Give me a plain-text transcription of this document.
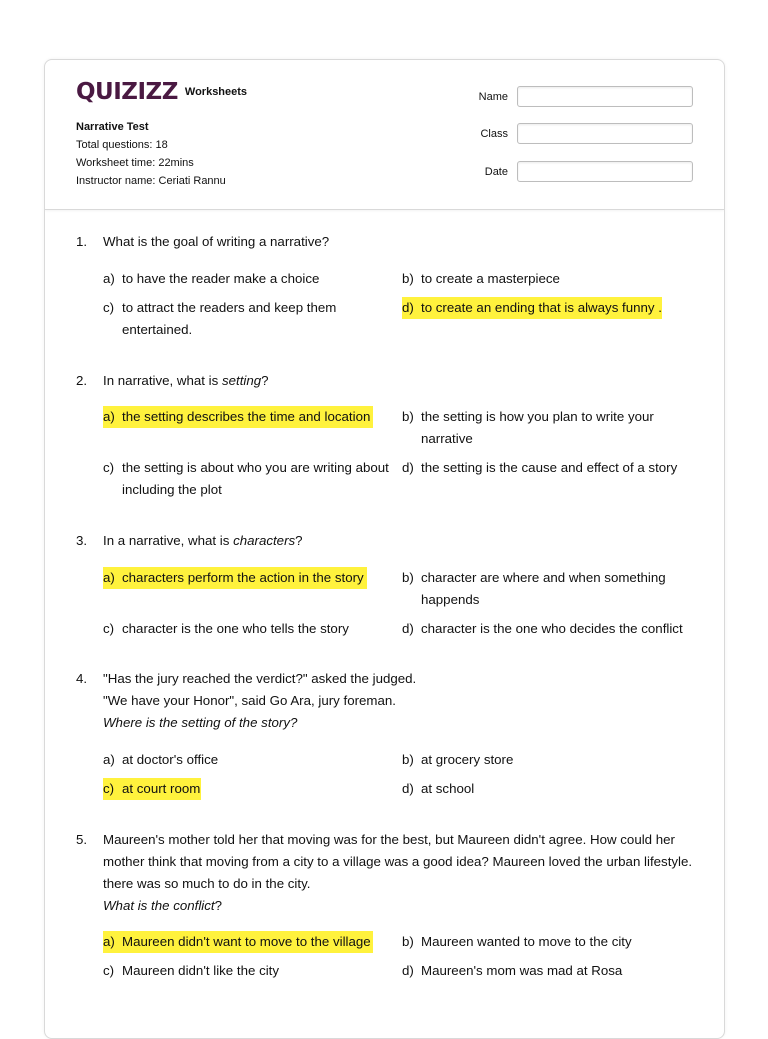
QUIZIZZ Worksheets
Narrative Test
Total questions: 18
Worksheet time: 22mins
Instructor name: Ceriati Rannu
Name
Class
Date
1.	What is the goal of writing a narrative?
a) to have the reader make a choice	b) to create a masterpiece
c) to attract the readers and keep them entertained.
d) to create an ending that is always funny .
2.	In narrative, what is setting?
a) the setting describes the time and location b) the setting is how you plan to write your narrative
c) the setting is about who you are writing about including the plot
d) the setting is the cause and effect of a story
3.	In a narrative, what is characters?
a) characters perform the action in the story	b) character are where and when something happends
c) character is the one who tells the story	d) character is the one who decides the conflict
4.	"Has the jury reached the verdict?" asked the judged.
"We have your Honor", said Go Ara, jury foreman.
Where is the setting of the story?
a) at doctor's office	b) at grocery store
c) at court room	d) at school
5.	Maureen's mother told her that moving was for the best, but Maureen didn't agree. How could her
mother think that moving from a city to a village was a good idea? Maureen loved the urban lifestyle.
there was so much to do in the city.
What is the conflict?
a) Maureen didn't want to move to the village b) Maureen wanted to move to the city
c) Maureen didn't like the city	d) Maureen's mom was mad at Rosa
